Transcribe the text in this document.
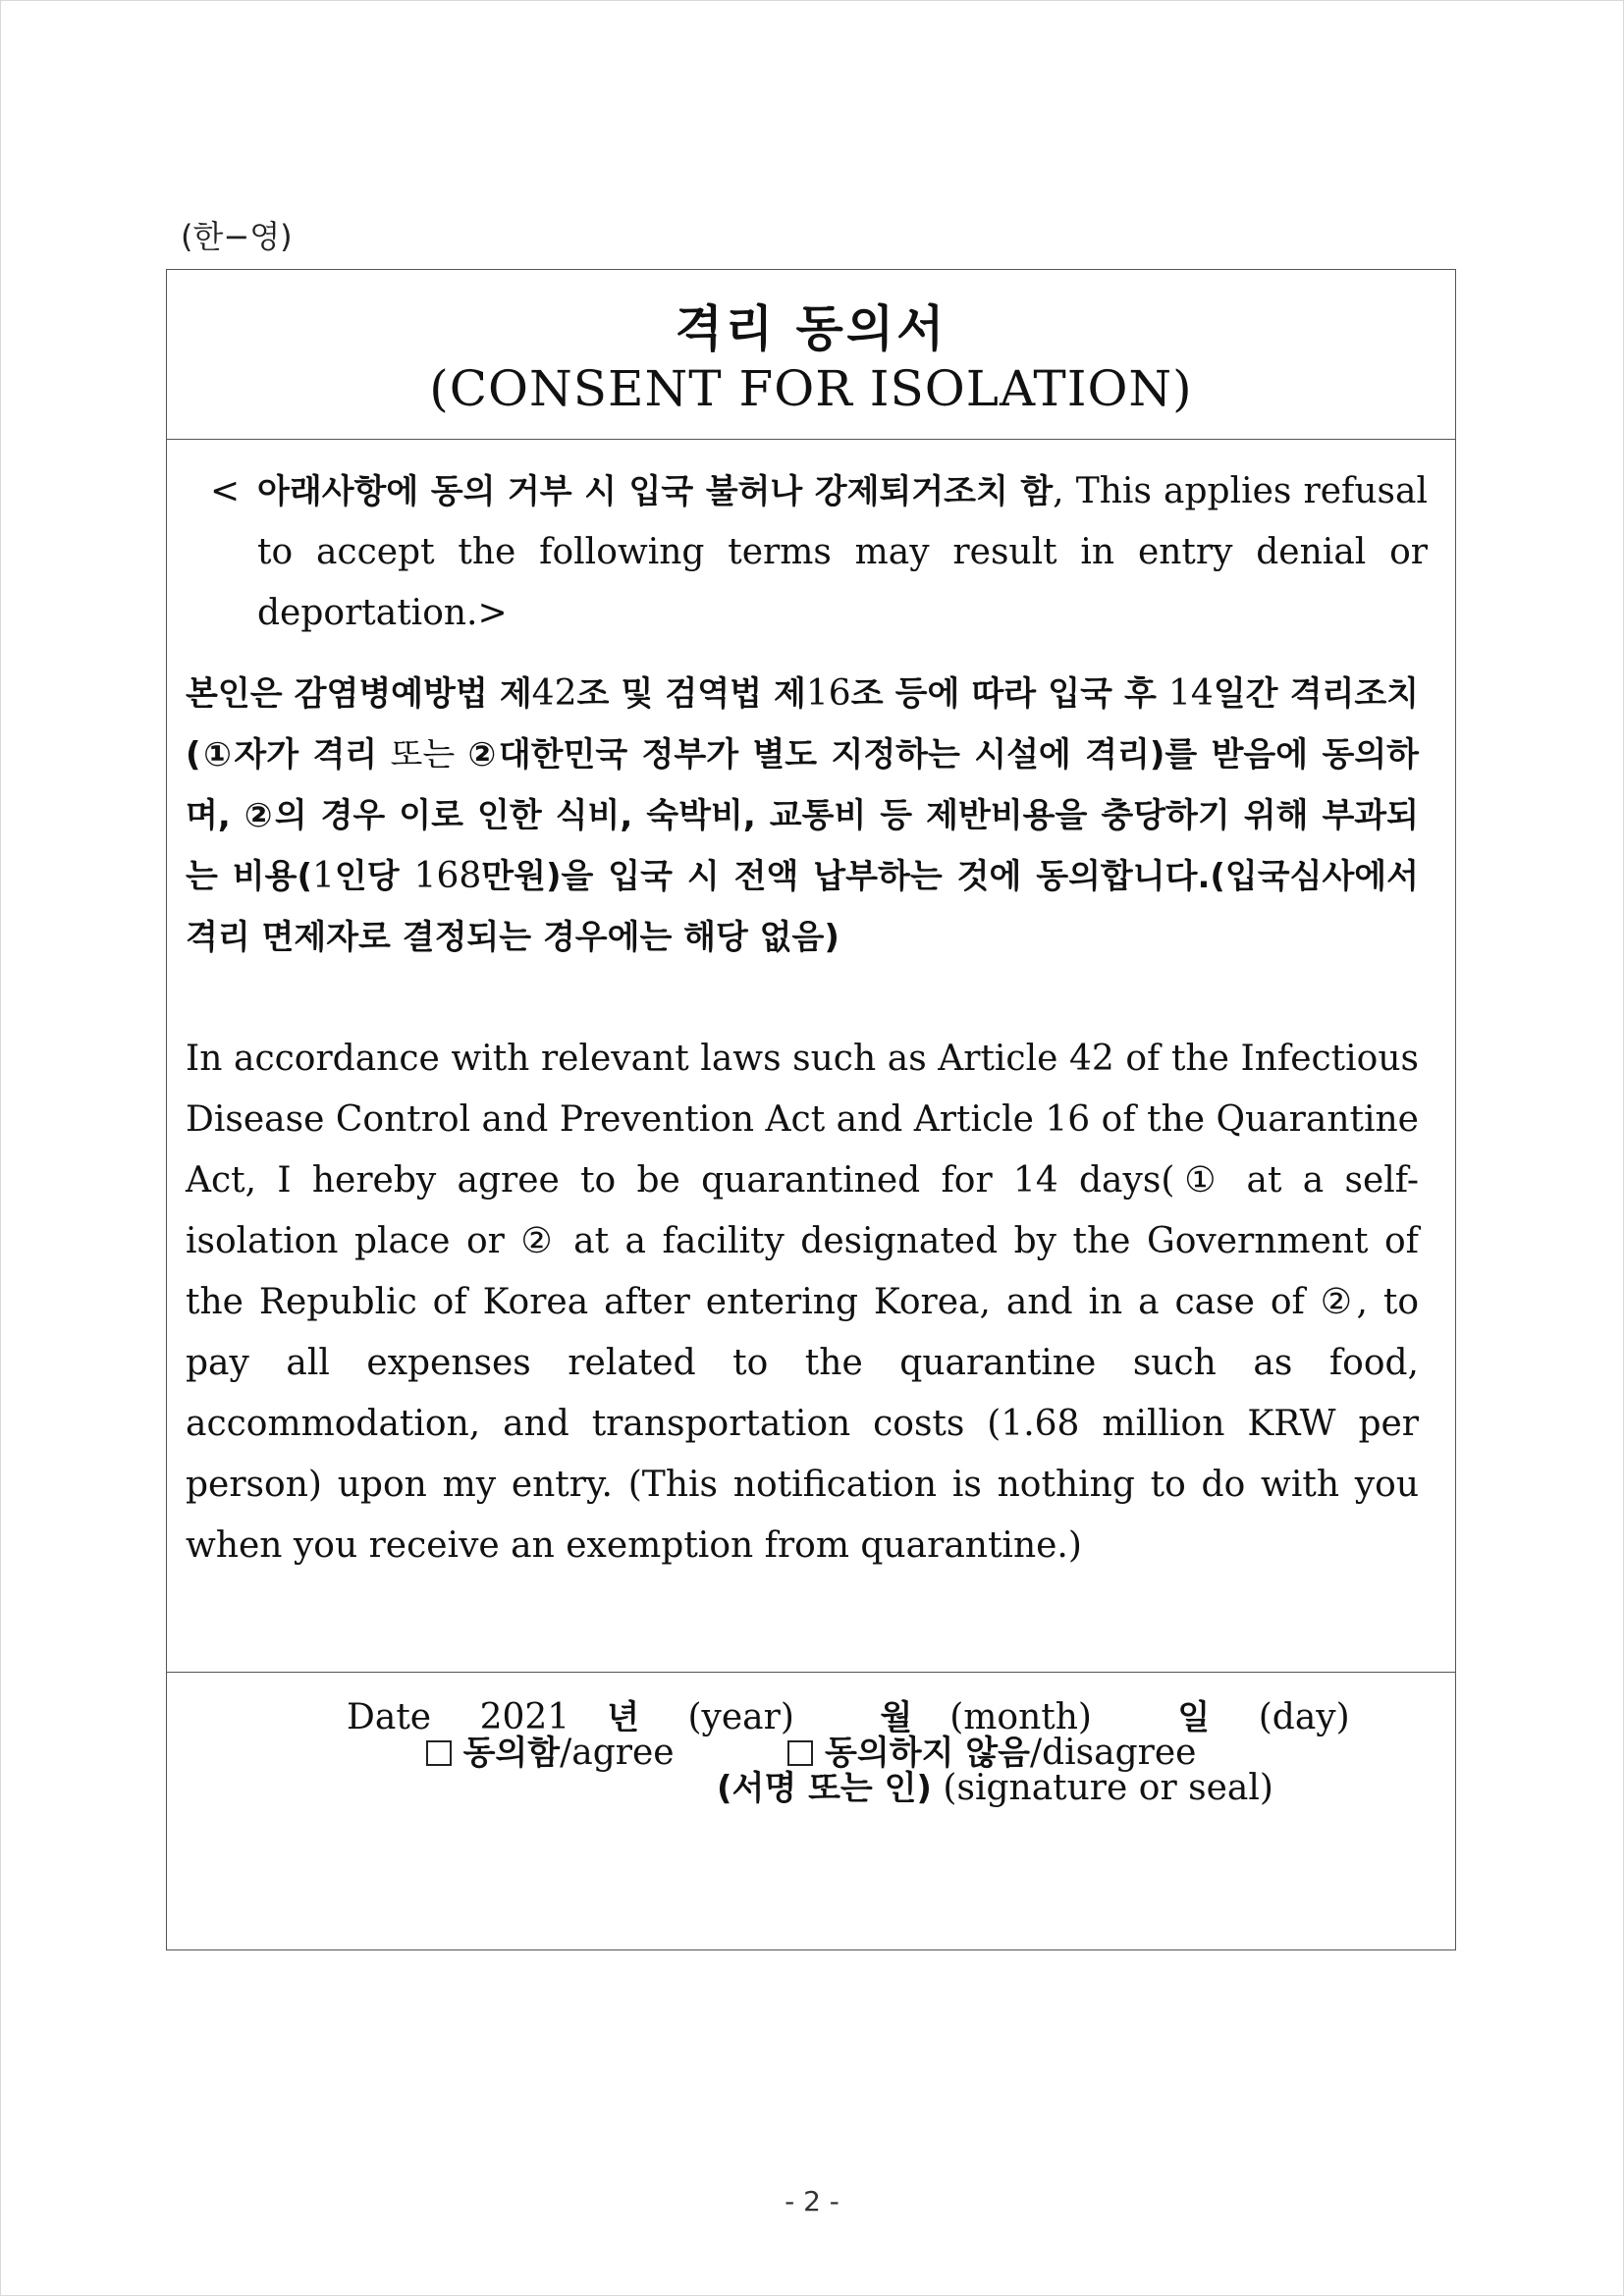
(한−영)
격리 동의서
(CONSENT FOR ISOLATION)
< 아래사항에 동의 거부 시 입국 불허나 강제퇴거조치 함, This applies refusal to accept the following terms may result in entry denial or deportation.>
본인은 감염병예방법 제42조 및 검역법 제16조 등에 따라 입국 후 14일간 격리조치(①자가 격리 또는 ②대한민국 정부가 별도 지정하는 시설에 격리)를 받음에 동의하며, ②의 경우 이로 인한 식비, 숙박비, 교통비 등 제반비용을 충당하기 위해 부과되는 비용(1인당 168만원)을 입국 시 전액 납부하는 것에 동의합니다.(입국심사에서 격리 면제자로 결정되는 경우에는 해당 없음)
In accordance with relevant laws such as Article 42 of the Infectious Disease Control and Prevention Act and Article 16 of the Quarantine Act, I hereby agree to be quarantined for 14 days(① at a self-isolation place or ② at a facility designated by the Government of the Republic of Korea after entering Korea, and in a case of ②, to pay all expenses related to the quarantine such as food, accommodation, and transportation costs (1.68 million KRW per person) upon my entry. (This notification is nothing to do with you when you receive an exemption from quarantine.)
동의함/agree	동의하지 않음/disagree
Date 2021 년 (year)	월 (month)	일 (day)
(서명 또는 인) (signature or seal)
- 2 -
